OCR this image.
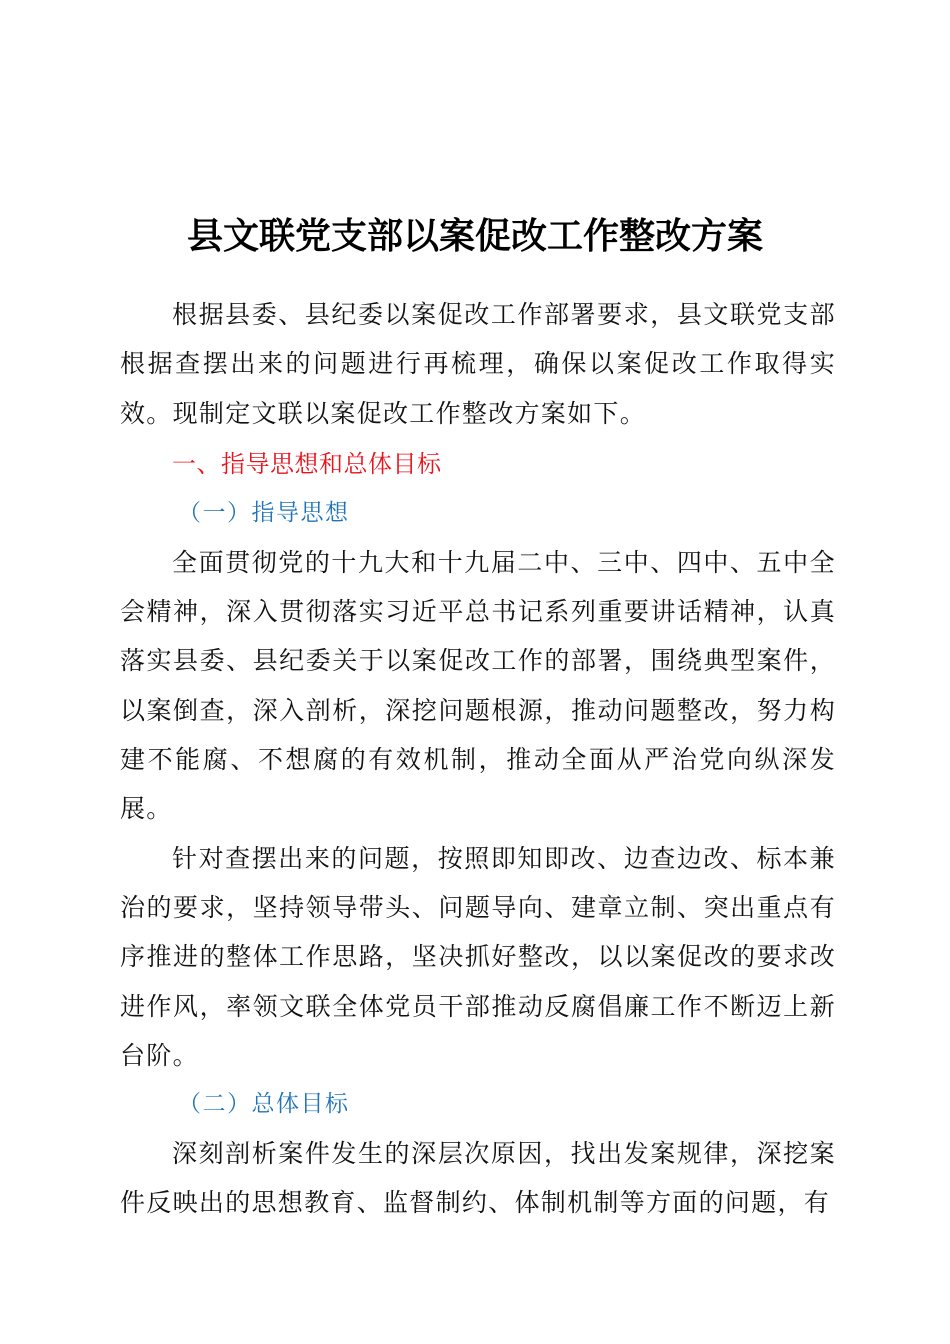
县文联党支部以案促改工作整改方案

根据县委、县纪委以案促改工作部署要求，县文联党支部根据查摆出来的问题进行再梳理，确保以案促改工作取得实效。现制定文联以案促改工作整改方案如下。

一、指导思想和总体目标

（一）指导思想

全面贯彻党的十九大和十九届二中、三中、四中、五中全会精神，深入贯彻落实习近平总书记系列重要讲话精神，认真落实县委、县纪委关于以案促改工作的部署，围绕典型案件，以案倒查，深入剖析，深挖问题根源，推动问题整改，努力构建不能腐、不想腐的有效机制，推动全面从严治党向纵深发展。

针对查摆出来的问题，按照即知即改、边查边改、标本兼治的要求，坚持领导带头、问题导向、建章立制、突出重点有序推进的整体工作思路，坚决抓好整改，以以案促改的要求改进作风，率领文联全体党员干部推动反腐倡廉工作不断迈上新台阶。

（二）总体目标

深刻剖析案件发生的深层次原因，找出发案规律，深挖案件反映出的思想教育、监督制约、体制机制等方面的问题，有
